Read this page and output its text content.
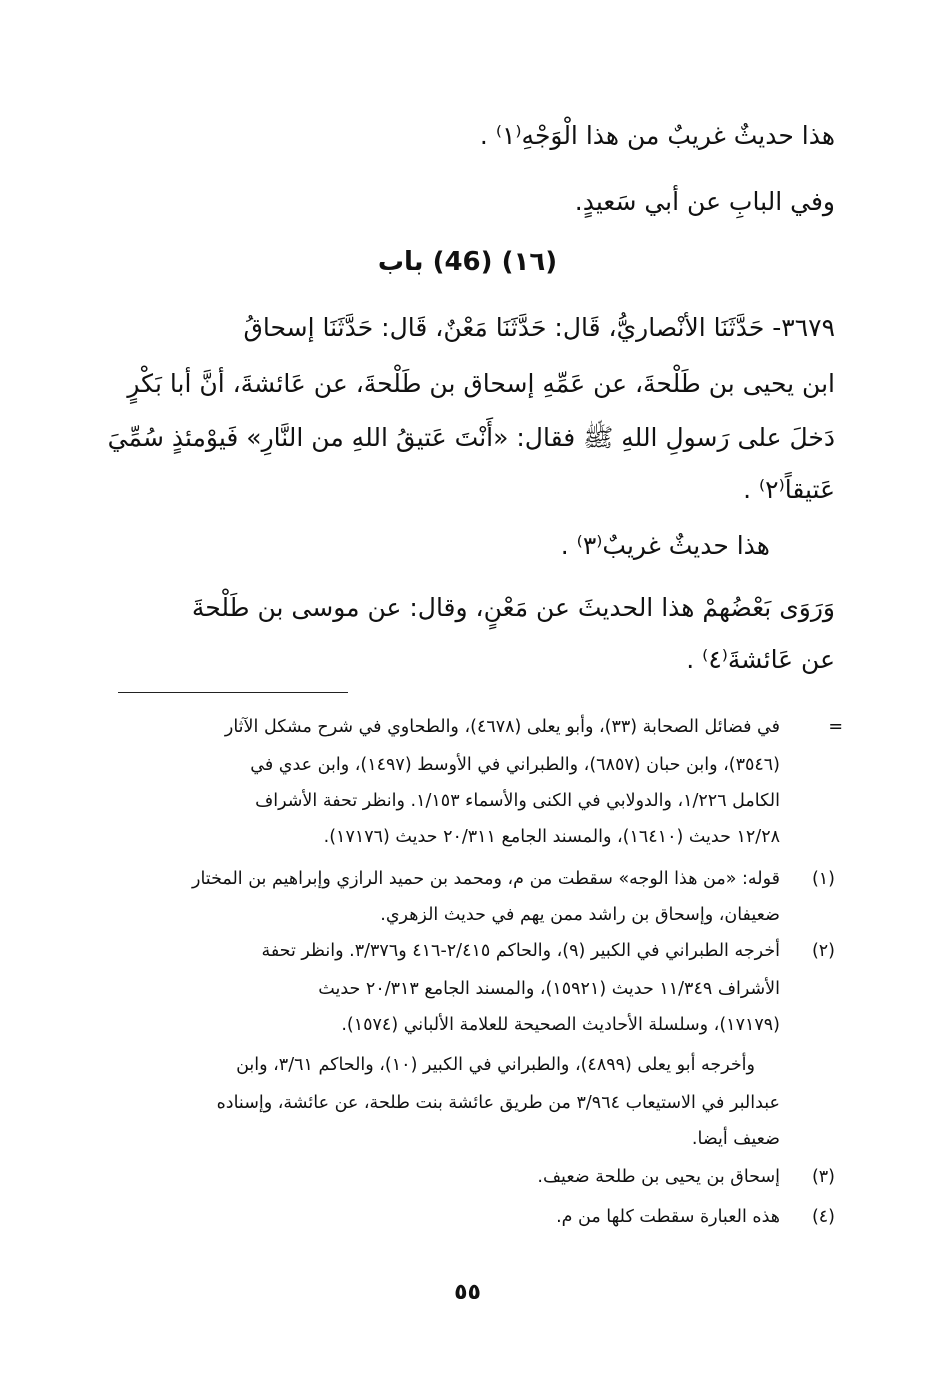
هذا حديثٌ غريبٌ من هذا الْوَجْهِ⁽١⁾ .
وفي البابِ عن أبي سَعيدٍ.
(١٦) (46) باب
٣٦٧٩- حَدَّثَنَا الأنْصاريُّ، قَال: حَدَّثَنَا مَعْنٌ، قَال: حَدَّثَنَا إسحاقُ
ابن يحيى بن طَلْحةَ، عن عَمِّهِ إسحاق بن طَلْحةَ، عن عَائشةَ، أنَّ أبا بَكْرٍ
دَخلَ على رَسولِ اللهِ ﷺ فقال: «أَنْتَ عَتيقُ اللهِ من النَّارِ» فَيوْمئذٍ سُمِّيَ
عَتيقاً⁽٢⁾ .
هذا حديثٌ غريبٌ⁽٣⁾ .
وَرَوَى بَعْضُهمْ هذا الحديثَ عن مَعْنٍ، وقال: عن موسى بن طَلْحةَ
عن عَائشةَ⁽٤⁾ .
=
في فضائل الصحابة (٣٣)، وأبو يعلى (٤٦٧٨)، والطحاوي في شرح مشكل الآثار
(٣٥٤٦)، وابن حبان (٦٨٥٧)، والطبراني في الأوسط (١٤٩٧)، وابن عدي في
الكامل ١/٢٢٦، والدولابي في الكنى والأسماء ١/١٥٣. وانظر تحفة الأشراف
١٢/٢٨ حديث (١٦٤١٠)، والمسند الجامع ٢٠/٣١١ حديث (١٧١٧٦).
(١)
قوله: «من هذا الوجه» سقطت من م، ومحمد بن حميد الرازي وإبراهيم بن المختار
ضعيفان، وإسحاق بن راشد ممن يهم في حديث الزهري.
(٢)
أخرجه الطبراني في الكبير (٩)، والحاكم ٢/٤١٥-٤١٦ و٣/٣٧٦. وانظر تحفة
الأشراف ١١/٣٤٩ حديث (١٥٩٢١)، والمسند الجامع ٢٠/٣١٣ حديث
(١٧١٧٩)، وسلسلة الأحاديث الصحيحة للعلامة الألباني (١٥٧٤).
وأخرجه أبو يعلى (٤٨٩٩)، والطبراني في الكبير (١٠)، والحاكم ٣/٦١، وابن
عبدالبر في الاستيعاب ٣/٩٦٤ من طريق عائشة بنت طلحة، عن عائشة، وإسناده
ضعيف أيضا.
(٣)
إسحاق بن يحيى بن طلحة ضعيف.
(٤)
هذه العبارة سقطت كلها من م.
٥٥
